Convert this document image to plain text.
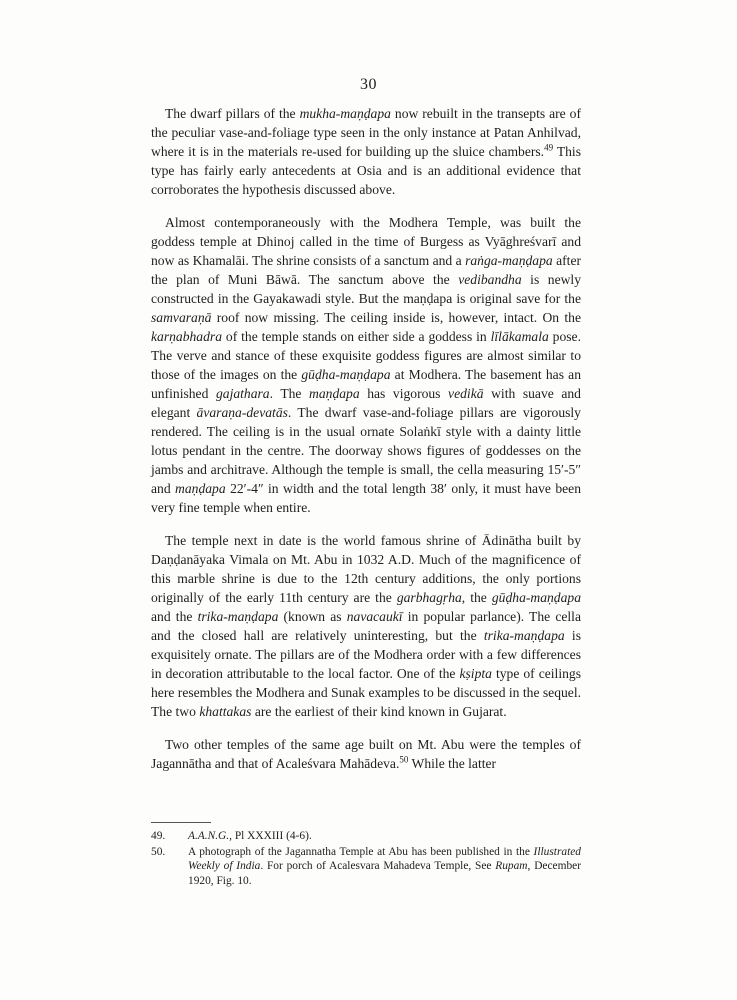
30

The dwarf pillars of the mukha-maṇḍapa now rebuilt in the transepts are of the peculiar vase-and-foliage type seen in the only instance at Patan Anhilvad, where it is in the materials re-used for building up the sluice chambers.$^{49}$ This type has fairly early antecedents at Osia and is an additional evidence that corroborates the hypothesis discussed above.

Almost contemporaneously with the Modhera Temple, was built the goddess temple at Dhinoj called in the time of Burgess as Vyāghreśvarī and now as Khamalāi. The shrine consists of a sanctum and a raṅga-maṇḍapa after the plan of Muni Bāwā. The sanctum above the vedibandha is newly constructed in the Gayakawadi style. But the maṇḍapa is original save for the samvaraṇā roof now missing. The ceiling inside is, however, intact. On the karṇabhadra of the temple stands on either side a goddess in līlākamala pose. The verve and stance of these exquisite goddess figures are almost similar to those of the images on the gūḍha-maṇḍapa at Modhera. The basement has an unfinished gajathara. The maṇḍapa has vigorous vedikā with suave and elegant āvaraṇa-devatās. The dwarf vase-and-foliage pillars are vigorously rendered. The ceiling is in the usual ornate Solaṅkī style with a dainty little lotus pendant in the centre. The doorway shows figures of goddesses on the jambs and architrave. Although the temple is small, the cella measuring 15′-5″ and maṇḍapa 22′-4″ in width and the total length 38′ only, it must have been very fine temple when entire.

The temple next in date is the world famous shrine of Ādinātha built by Daṇḍanāyaka Vimala on Mt. Abu in 1032 A.D. Much of the magnificence of this marble shrine is due to the 12th century additions, the only portions originally of the early 11th century are the garbhagṛha, the gūḍha-maṇḍapa and the trika-maṇḍapa (known as navacaukī in popular parlance). The cella and the closed hall are relatively uninteresting, but the trika-maṇḍapa is exquisitely ornate. The pillars are of the Modhera order with a few differences in decoration attributable to the local factor. One of the kṣipta type of ceilings here resembles the Modhera and Sunak examples to be discussed in the sequel. The two khattakas are the earliest of their kind known in Gujarat.

Two other temples of the same age built on Mt. Abu were the temples of Jagannātha and that of Acaleśvara Mahādeva.$^{50}$ While the latter

49.	A.A.N.G., Pl XXXIII (4-6).
50.	A photograph of the Jagannatha Temple at Abu has been published in the Illustrated Weekly of India. For porch of Acalesvara Mahadeva Temple, See Rupam, December 1920, Fig. 10.
